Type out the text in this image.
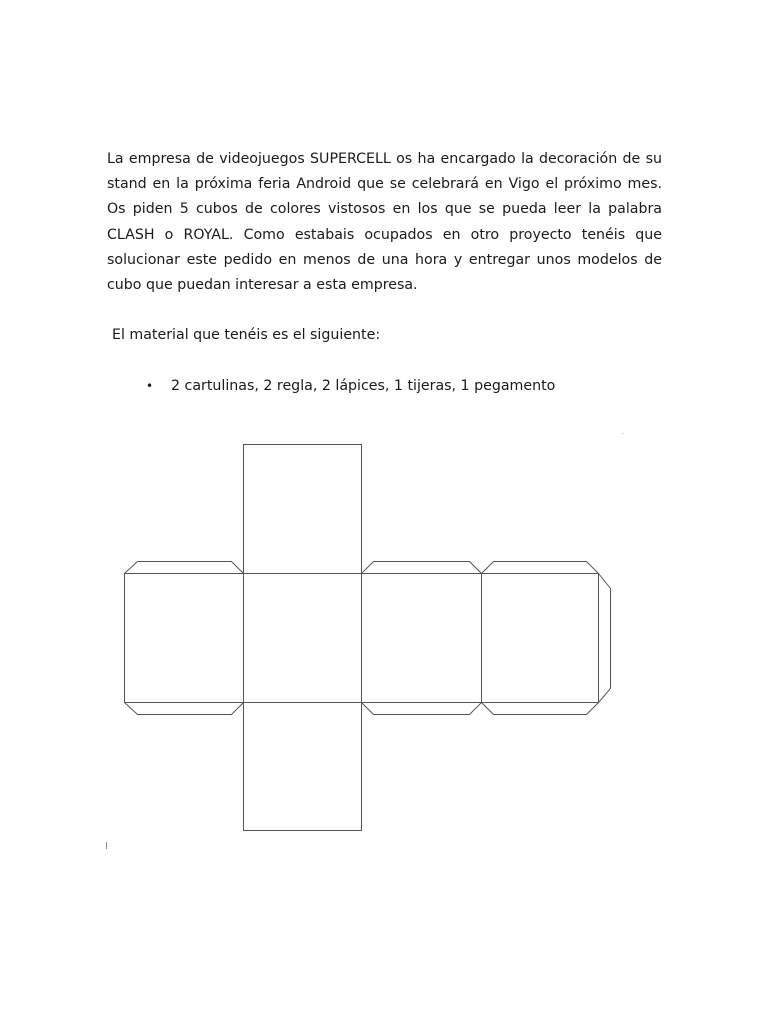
La empresa de videojuegos SUPERCELL os ha encargado la decoración de su stand en la próxima feria Android que se celebrará en Vigo el próximo mes. Os piden 5 cubos de colores vistosos en los que se pueda leer la palabra CLASH o ROYAL. Como estabais ocupados en otro proyecto tenéis que solucionar este pedido en menos de una hora y entregar unos modelos de cubo que puedan interesar a esta empresa.

El material que tenéis es el siguiente:

• 2 cartulinas, 2 regla, 2 lápices, 1 tijeras, 1 pegamento
